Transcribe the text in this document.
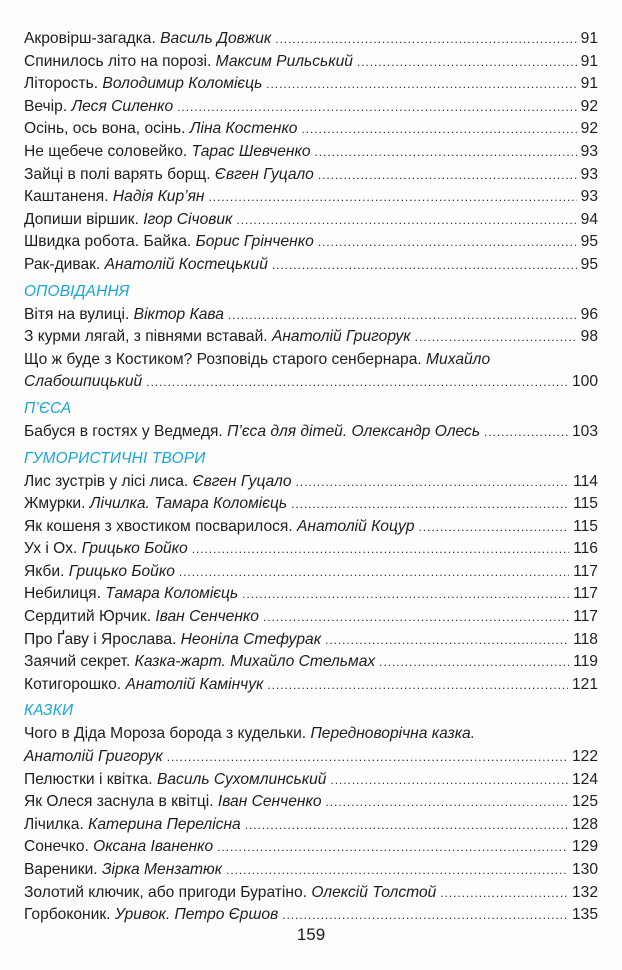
Акровірш-загадка. Василь Довжик . . .	91
Спинилось літо на порозі. Максим Рильський . . .	91
Літорость. Володимир Коломієць . . .	91
Вечір. Леся Силенко . . .	92
Осінь, ось вона, осінь. Ліна Костенко . . .	92
Не щебече соловейко. Тарас Шевченко . . .	93
Зайці в полі варять борщ. Євген Гуцало . . .	93
Каштаненя. Надія Кир’ян . . .	93
Допиши віршик. Ігор Січовик . . .	94
Швидка робота. Байка. Борис Грінченко . . .	95
Рак-дивак. Анатолій Костецький . . .	95
ОПОВІДАННЯ
Вітя на вулиці. Віктор Кава . . .	96
З курми лягай, з півнями вставай. Анатолій Григорук . . .	98
Що ж буде з Костиком? Розповідь старого сенбернара. Михайло
Слабошпицький . . .	100
П’ЄСА
Бабуся в гостях у Ведмедя. П’єса для дітей. Олександр Олесь . . .	103
ГУМОРИСТИЧНІ ТВОРИ
Лис зустрів у лісі лиса. Євген Гуцало . . .	114
Жмурки. Лічилка. Тамара Коломієць . . .	115
Як кошеня з хвостиком посварилося. Анатолій Коцур . . .	115
Ух і Ох. Грицько Бойко . . .	116
Якби. Грицько Бойко . . .	117
Небилиця. Тамара Коломієць . . .	117
Сердитий Юрчик. Іван Сенченко . . .	117
Про Ґаву і Ярослава. Неоніла Стефурак . . .	118
Заячий секрет. Казка-жарт. Михайло Стельмах . . .	119
Котигорошко. Анатолій Камінчук . . .	121
КАЗКИ
Чого в Діда Мороза борода з кудельки. Передноворічна казка.
Анатолій Григорук . . .	122
Пелюстки і квітка. Василь Сухомлинський . . .	124
Як Олеся заснула в квітці. Іван Сенченко . . .	125
Лічилка. Катерина Перелісна . . .	128
Сонечко. Оксана Іваненко . . .	129
Вареники. Зірка Мензатюк . . .	130
Золотий ключик, або пригоди Буратіно. Олексій Толстой . . .	132
Горбоконик. Уривок. Петро Єршов . . .	135
159
